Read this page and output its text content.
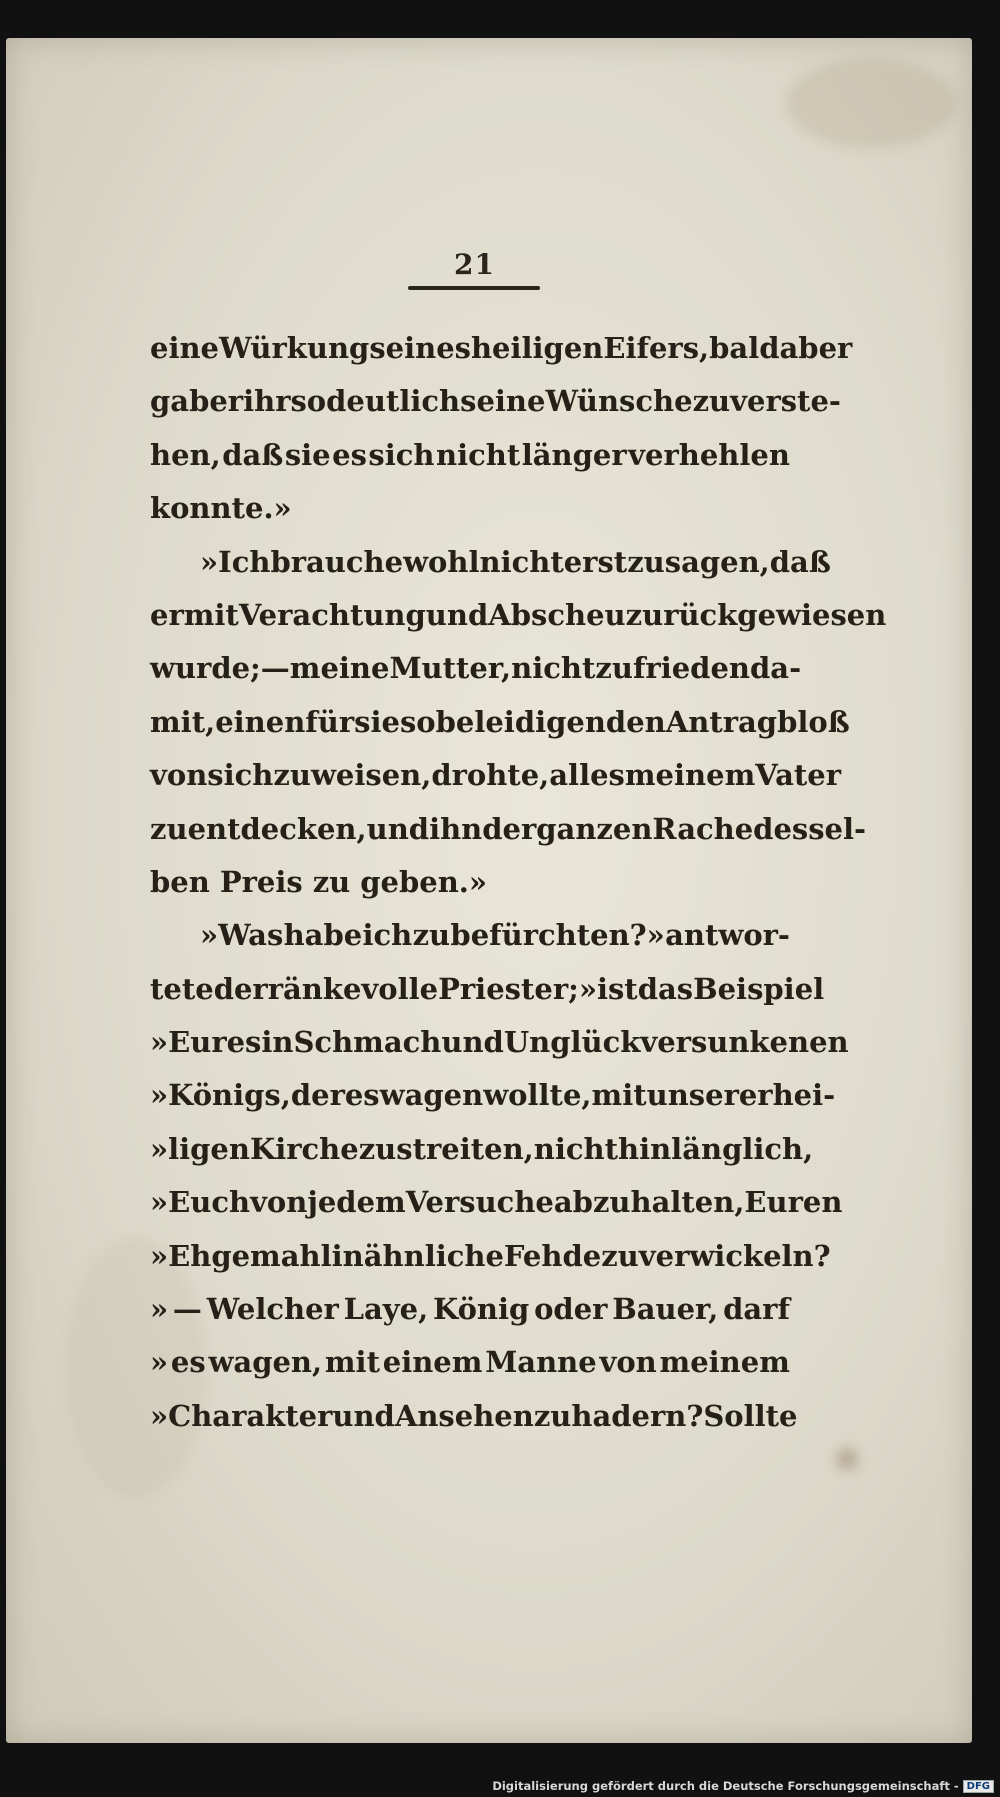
21
eine Würkung seines heiligen Eifers, bald aber
gab er ihr so deutlich seine Wünsche zu verste-
hen, daß sie es sich nicht länger verhehlen
konnte.»
»Ich brauche wohl nicht erst zu sagen, daß
er mit Verachtung und Abscheu zurückgewiesen
wurde; — meine Mutter, nicht zufrieden da-
mit, einen für sie so beleidigenden Antrag bloß
von sich zu weisen, drohte, alles meinem Vater
zu entdecken, und ihn der ganzen Rache dessel-
ben Preis zu geben.»
»Was habe ich zu befürchten?» antwor-
tete der ränkevolle Priester; »ist das Beispiel
» Eures in Schmach und Unglück versunkenen
» Königs, der es wagen wollte, mit unserer hei-
» ligen Kirche zu streiten, nicht hinlänglich,
» Euch von jedem Versuche abzuhalten, Euren
» Ehgemahl in ähnliche Fehde zu verwickeln?
» — Welcher Laye, König oder Bauer, darf
» es wagen, mit einem Manne von meinem
» Charakter und Ansehen zu hadern? Sollte
Digitalisierung gefördert durch die Deutsche Forschungsgemeinschaft - DFG
